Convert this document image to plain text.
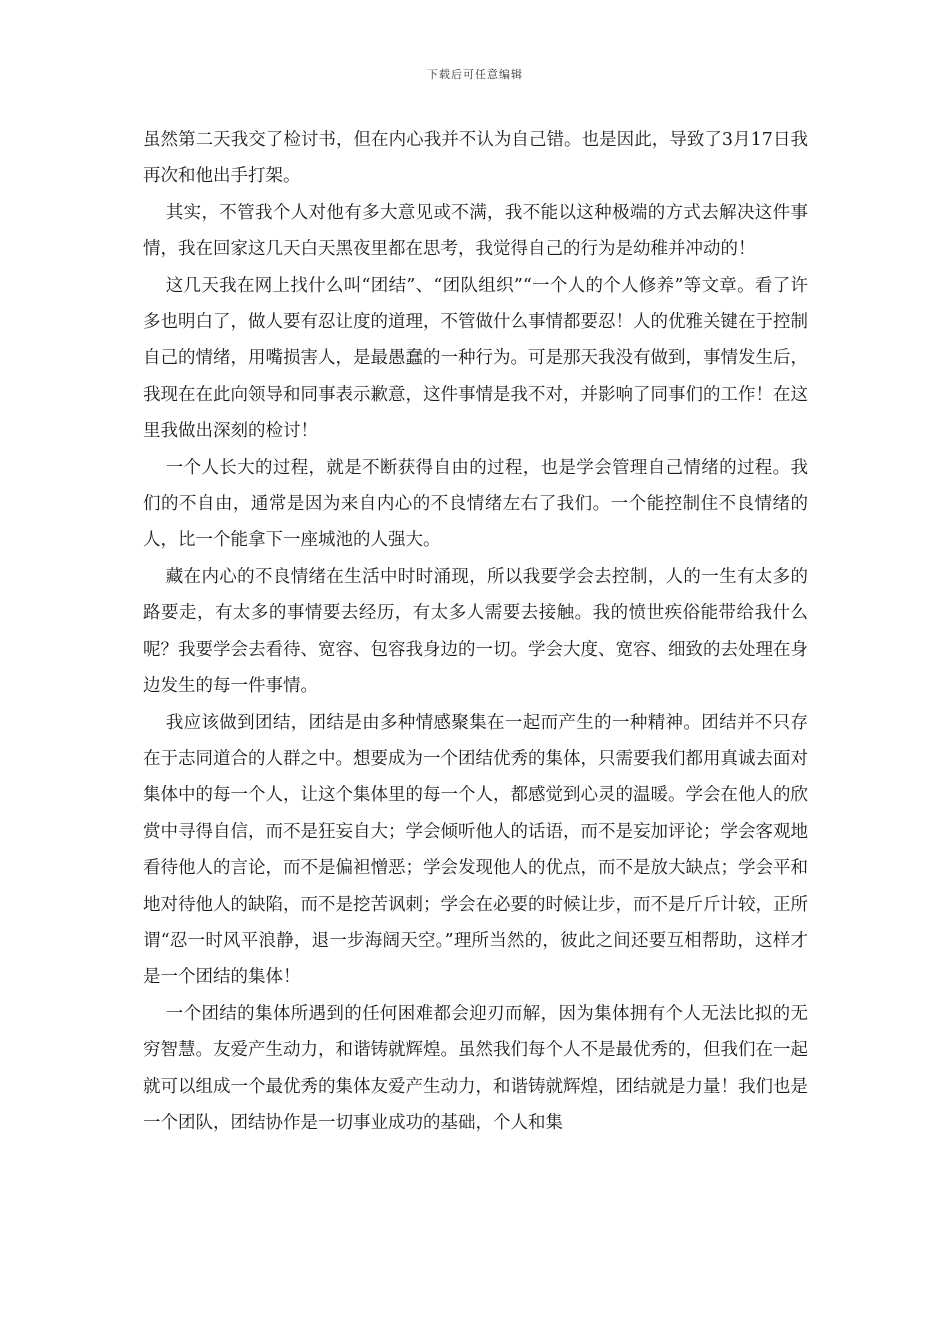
下载后可任意编辑

虽然第二天我交了检讨书，但在内心我并不认为自己错。也是因此，导致了3月17日我再次和他出手打架。

其实，不管我个人对他有多大意见或不满，我不能以这种极端的方式去解决这件事情，我在回家这几天白天黑夜里都在思考，我觉得自己的行为是幼稚并冲动的！

这几天我在网上找什么叫“团结”、“团队组织”“一个人的个人修养”等文章。看了许多也明白了，做人要有忍让度的道理，不管做什么事情都要忍！人的优雅关键在于控制自己的情绪，用嘴损害人，是最愚蠢的一种行为。可是那天我没有做到，事情发生后，我现在在此向领导和同事表示歉意，这件事情是我不对，并影响了同事们的工作！在这里我做出深刻的检讨！

一个人长大的过程，就是不断获得自由的过程，也是学会管理自己情绪的过程。我们的不自由，通常是因为来自内心的不良情绪左右了我们。一个能控制住不良情绪的人，比一个能拿下一座城池的人强大。

藏在内心的不良情绪在生活中时时涌现，所以我要学会去控制，人的一生有太多的路要走，有太多的事情要去经历，有太多人需要去接触。我的愤世疾俗能带给我什么呢？我要学会去看待、宽容、包容我身边的一切。学会大度、宽容、细致的去处理在身边发生的每一件事情。

我应该做到团结，团结是由多种情感聚集在一起而产生的一种精神。团结并不只存在于志同道合的人群之中。想要成为一个团结优秀的集体，只需要我们都用真诚去面对集体中的每一个人，让这个集体里的每一个人，都感觉到心灵的温暖。学会在他人的欣赏中寻得自信，而不是狂妄自大；学会倾听他人的话语，而不是妄加评论；学会客观地看待他人的言论，而不是偏袒憎恶；学会发现他人的优点，而不是放大缺点；学会平和地对待他人的缺陷，而不是挖苦讽刺；学会在必要的时候让步，而不是斤斤计较，正所谓“忍一时风平浪静，退一步海阔天空。”理所当然的，彼此之间还要互相帮助，这样才是一个团结的集体！

一个团结的集体所遇到的任何困难都会迎刃而解，因为集体拥有个人无法比拟的无穷智慧。友爱产生动力，和谐铸就辉煌。虽然我们每个人不是最优秀的，但我们在一起就可以组成一个最优秀的集体友爱产生动力，和谐铸就辉煌，团结就是力量！我们也是一个团队，团结协作是一切事业成功的基础，个人和集
